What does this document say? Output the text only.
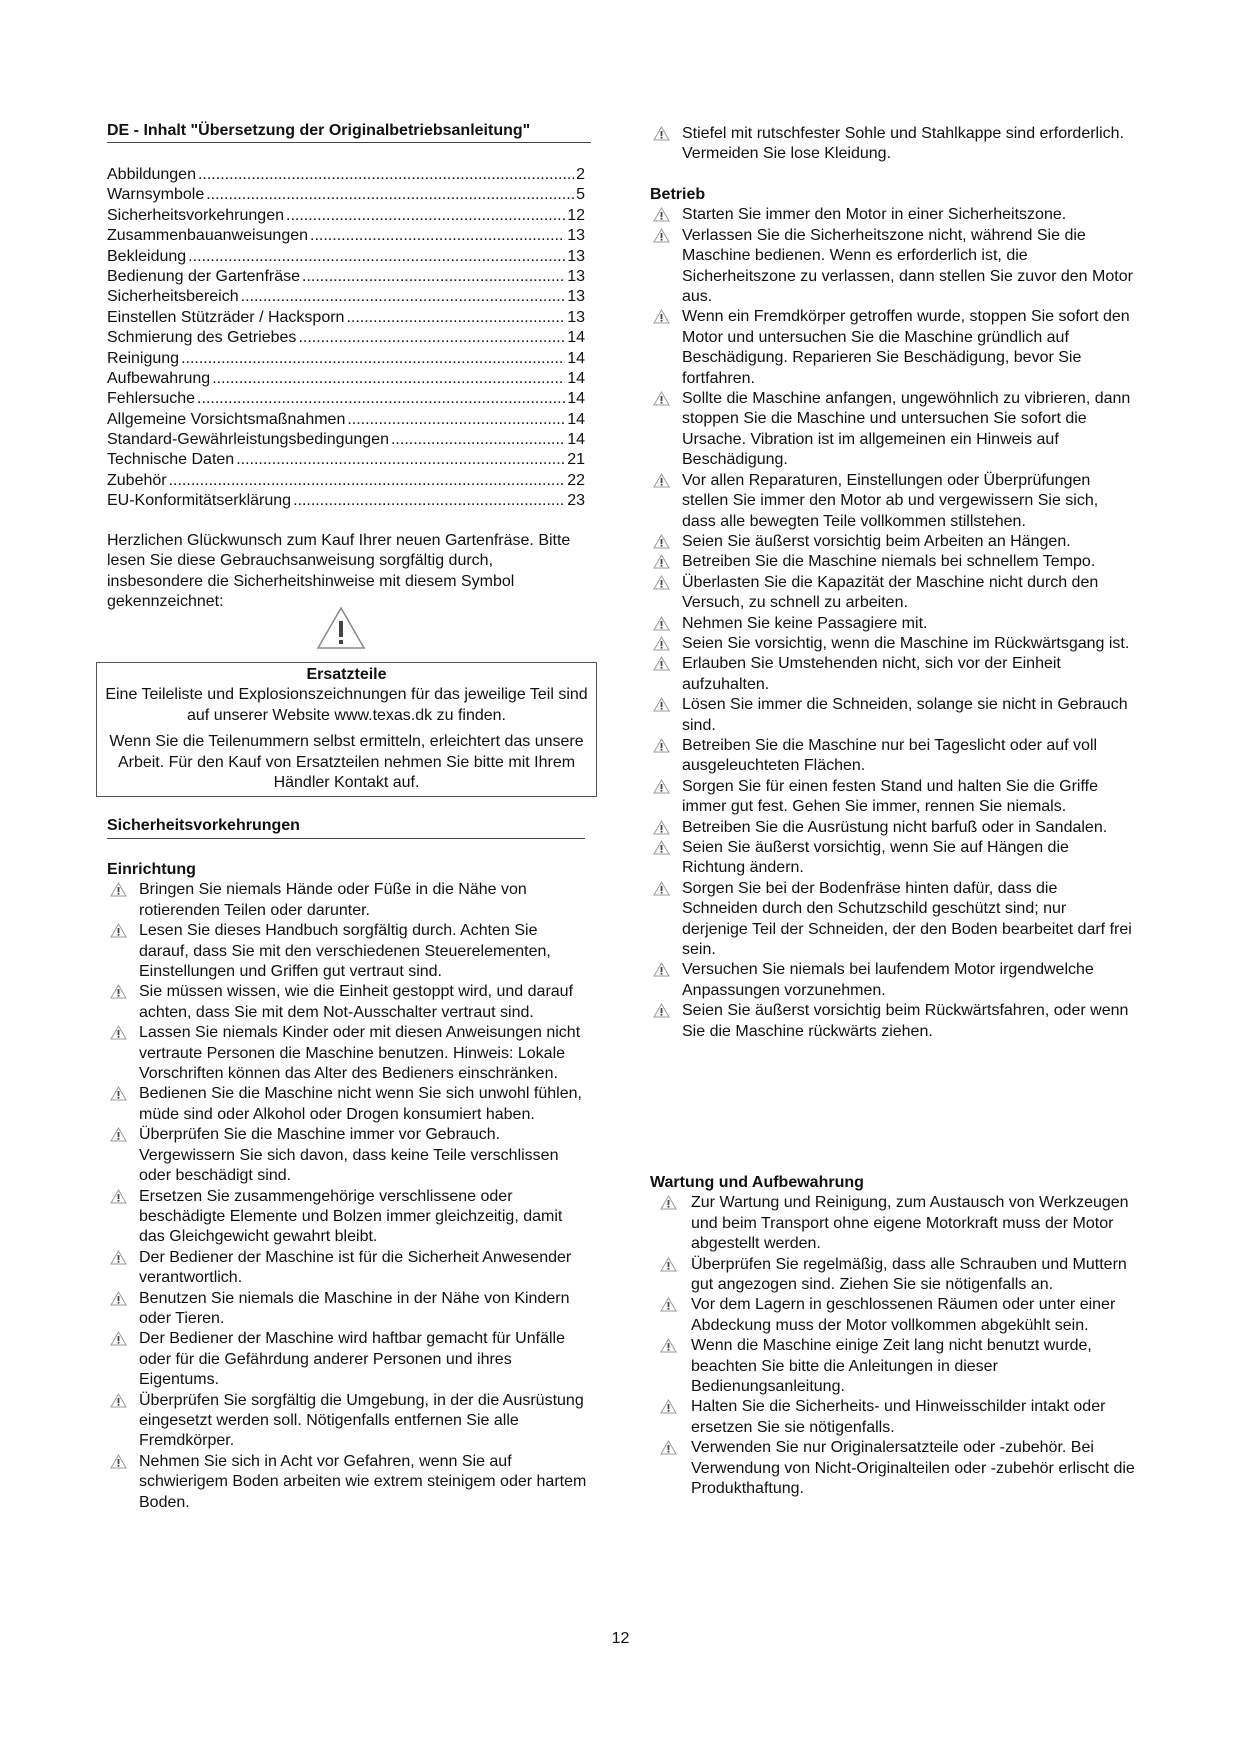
DE - Inhalt "Übersetzung der Originalbetriebsanleitung"
Abbildungen .....	2
Warnsymbole .....	5
Sicherheitsvorkehrungen .....	12
Zusammenbauanweisungen .....	13
Bekleidung .....	13
Bedienung der Gartenfräse .....	13
Sicherheitsbereich .....	13
Einstellen Stützräder / Hacksporn .....	13
Schmierung des Getriebes .....	14
Reinigung .....	14
Aufbewahrung .....	14
Fehlersuche .....	14
Allgemeine Vorsichtsmaßnahmen .....	14
Standard-Gewährleistungsbedingungen .....	14
Technische Daten .....	21
Zubehör .....	22
EU-Konformitätserklärung .....	23

Herzlichen Glückwunsch zum Kauf Ihrer neuen Gartenfräse. Bitte lesen Sie diese Gebrauchsanweisung sorgfältig durch, insbesondere die Sicherheitshinweise mit diesem Symbol gekennzeichnet:

Ersatzteile

Eine Teileliste und Explosionszeichnungen für das jeweilige Teil sind auf unserer Website www.texas.dk zu finden.

Wenn Sie die Teilenummern selbst ermitteln, erleichtert das unsere Arbeit. Für den Kauf von Ersatzteilen nehmen Sie bitte mit Ihrem Händler Kontakt auf.

Sicherheitsvorkehrungen
Einrichtung
Bringen Sie niemals Hände oder Füße in die Nähe von rotierenden Teilen oder darunter.
Lesen Sie dieses Handbuch sorgfältig durch. Achten Sie darauf, dass Sie mit den verschiedenen Steuerelementen, Einstellungen und Griffen gut vertraut sind.
Sie müssen wissen, wie die Einheit gestoppt wird, und darauf achten, dass Sie mit dem Not-Ausschalter vertraut sind.
Lassen Sie niemals Kinder oder mit diesen Anweisungen nicht vertraute Personen die Maschine benutzen. Hinweis: Lokale Vorschriften können das Alter des Bedieners einschränken.
Bedienen Sie die Maschine nicht wenn Sie sich unwohl fühlen, müde sind oder Alkohol oder Drogen konsumiert haben.
Überprüfen Sie die Maschine immer vor Gebrauch. Vergewissern Sie sich davon, dass keine Teile verschlissen oder beschädigt sind.
Ersetzen Sie zusammengehörige verschlissene oder beschädigte Elemente und Bolzen immer gleichzeitig, damit das Gleichgewicht gewahrt bleibt.
Der Bediener der Maschine ist für die Sicherheit Anwesender verantwortlich.
Benutzen Sie niemals die Maschine in der Nähe von Kindern oder Tieren.
Der Bediener der Maschine wird haftbar gemacht für Unfälle oder für die Gefährdung anderer Personen und ihres Eigentums.
Überprüfen Sie sorgfältig die Umgebung, in der die Ausrüstung eingesetzt werden soll. Nötigenfalls entfernen Sie alle Fremdkörper.
Nehmen Sie sich in Acht vor Gefahren, wenn Sie auf schwierigem Boden arbeiten wie extrem steinigem oder hartem Boden.
Stiefel mit rutschfester Sohle und Stahlkappe sind erforderlich. Vermeiden Sie lose Kleidung.
Betrieb
Starten Sie immer den Motor in einer Sicherheitszone.
Verlassen Sie die Sicherheitszone nicht, während Sie die Maschine bedienen. Wenn es erforderlich ist, die Sicherheitszone zu verlassen, dann stellen Sie zuvor den Motor aus.
Wenn ein Fremdkörper getroffen wurde, stoppen Sie sofort den Motor und untersuchen Sie die Maschine gründlich auf Beschädigung. Reparieren Sie Beschädigung, bevor Sie fortfahren.
Sollte die Maschine anfangen, ungewöhnlich zu vibrieren, dann stoppen Sie die Maschine und untersuchen Sie sofort die Ursache. Vibration ist im allgemeinen ein Hinweis auf Beschädigung.
Vor allen Reparaturen, Einstellungen oder Überprüfungen stellen Sie immer den Motor ab und vergewissern Sie sich, dass alle bewegten Teile vollkommen stillstehen.
Seien Sie äußerst vorsichtig beim Arbeiten an Hängen.
Betreiben Sie die Maschine niemals bei schnellem Tempo.
Überlasten Sie die Kapazität der Maschine nicht durch den Versuch, zu schnell zu arbeiten.
Nehmen Sie keine Passagiere mit.
Seien Sie vorsichtig, wenn die Maschine im Rückwärtsgang ist.
Erlauben Sie Umstehenden nicht, sich vor der Einheit aufzuhalten.
Lösen Sie immer die Schneiden, solange sie nicht in Gebrauch sind.
Betreiben Sie die Maschine nur bei Tageslicht oder auf voll ausgeleuchteten Flächen.
Sorgen Sie für einen festen Stand und halten Sie die Griffe immer gut fest. Gehen Sie immer, rennen Sie niemals.
Betreiben Sie die Ausrüstung nicht barfuß oder in Sandalen.
Seien Sie äußerst vorsichtig, wenn Sie auf Hängen die Richtung ändern.
Sorgen Sie bei der Bodenfräse hinten dafür, dass die Schneiden durch den Schutzschild geschützt sind; nur derjenige Teil der Schneiden, der den Boden bearbeitet darf frei sein.
Versuchen Sie niemals bei laufendem Motor irgendwelche Anpassungen vorzunehmen.
Seien Sie äußerst vorsichtig beim Rückwärtsfahren, oder wenn Sie die Maschine rückwärts ziehen.
Wartung und Aufbewahrung
Zur Wartung und Reinigung, zum Austausch von Werkzeugen und beim Transport ohne eigene Motorkraft muss der Motor abgestellt werden.
Überprüfen Sie regelmäßig, dass alle Schrauben und Muttern gut angezogen sind. Ziehen Sie sie nötigenfalls an.
Vor dem Lagern in geschlossenen Räumen oder unter einer Abdeckung muss der Motor vollkommen abgekühlt sein.
Wenn die Maschine einige Zeit lang nicht benutzt wurde, beachten Sie bitte die Anleitungen in dieser Bedienungsanleitung.
Halten Sie die Sicherheits- und Hinweisschilder intakt oder ersetzen Sie sie nötigenfalls.
Verwenden Sie nur Originalersatzteile oder -zubehör. Bei Verwendung von Nicht-Originalteilen oder -zubehör erlischt die Produkthaftung.
12
